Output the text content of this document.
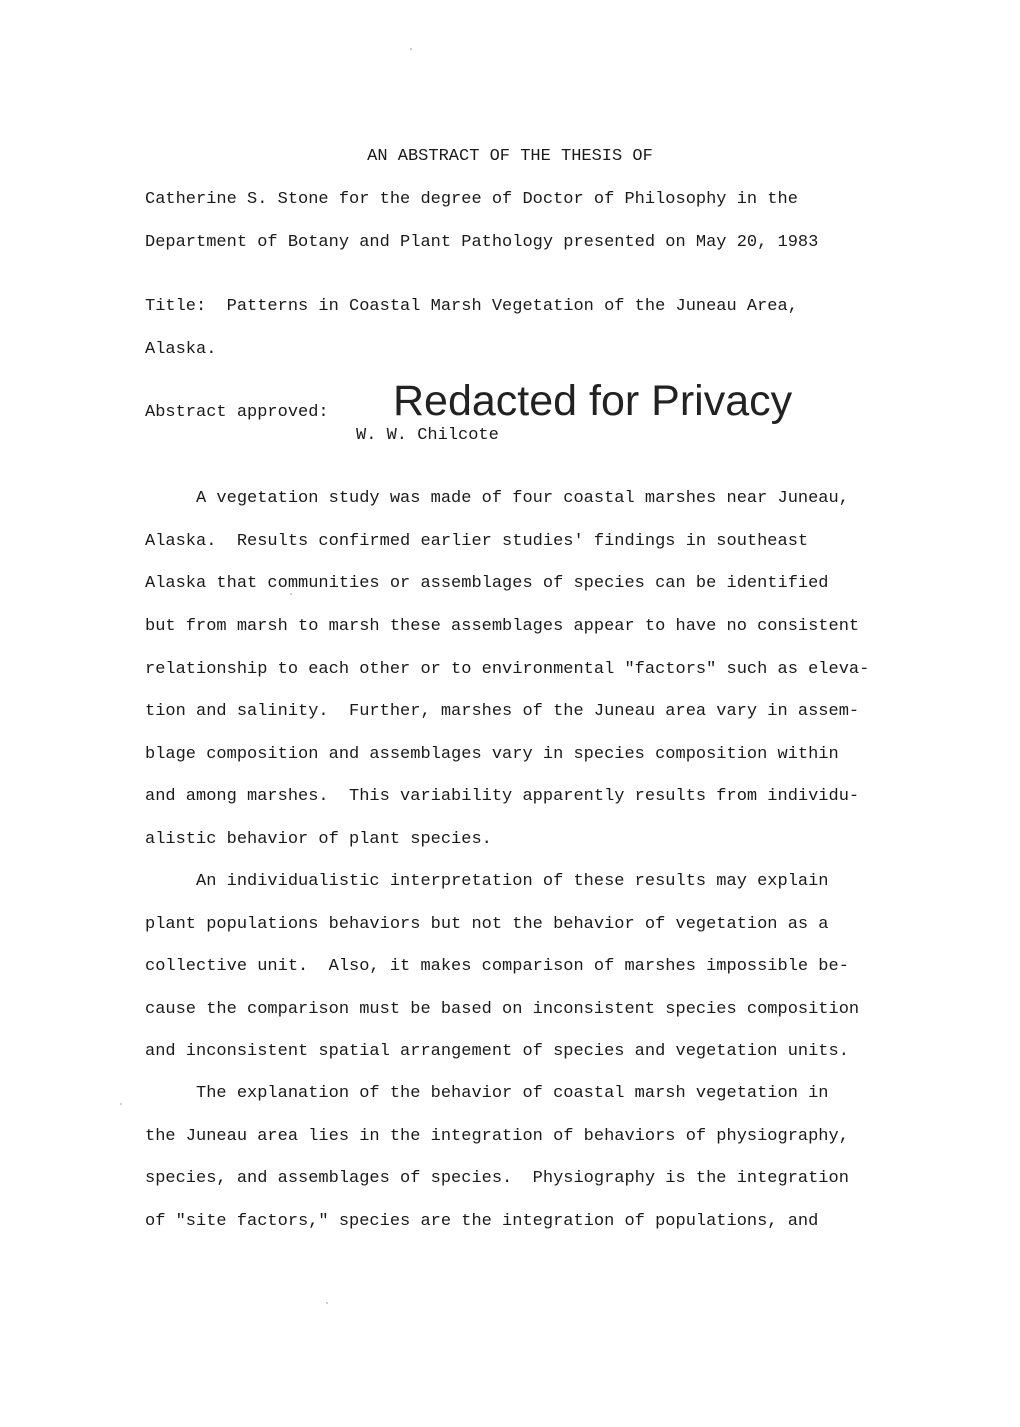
AN ABSTRACT OF THE THESIS OF
Catherine S. Stone for the degree of Doctor of Philosophy in the
Department of Botany and Plant Pathology presented on May 20, 1983
Title:  Patterns in Coastal Marsh Vegetation of the Juneau Area,
Alaska.
Abstract approved: Redacted for Privacy
W. W. Chilcote
A vegetation study was made of four coastal marshes near Juneau,
Alaska.  Results confirmed earlier studies' findings in southeast
Alaska that communities or assemblages of species can be identified
but from marsh to marsh these assemblages appear to have no consistent
relationship to each other or to environmental "factors" such as eleva-
tion and salinity.  Further, marshes of the Juneau area vary in assem-
blage composition and assemblages vary in species composition within
and among marshes.  This variability apparently results from individu-
alistic behavior of plant species.
An individualistic interpretation of these results may explain
plant populations behaviors but not the behavior of vegetation as a
collective unit.  Also, it makes comparison of marshes impossible be-
cause the comparison must be based on inconsistent species composition
and inconsistent spatial arrangement of species and vegetation units.
The explanation of the behavior of coastal marsh vegetation in
the Juneau area lies in the integration of behaviors of physiography,
species, and assemblages of species.  Physiography is the integration
of "site factors," species are the integration of populations, and
